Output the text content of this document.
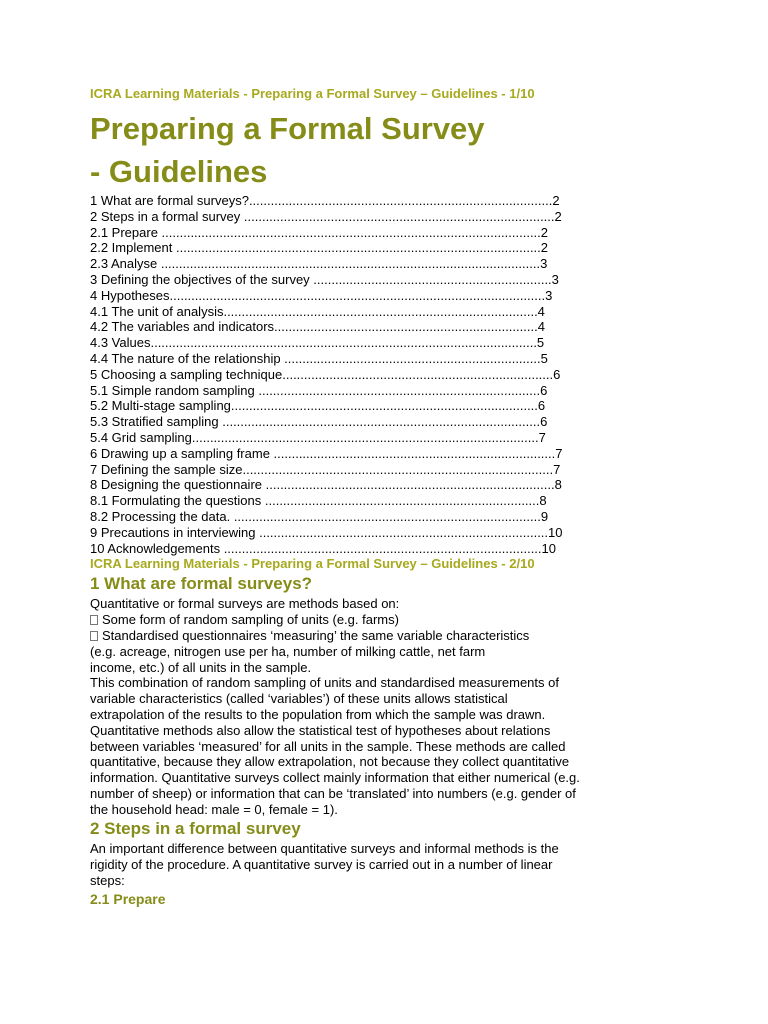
ICRA Learning Materials - Preparing a Formal Survey – Guidelines - 1/10
Preparing a Formal Survey
- Guidelines
1 What are formal surveys?....................................................................................2
2 Steps in a formal survey ......................................................................................2
2.1 Prepare .........................................................................................................2
2.2 Implement .....................................................................................................2
2.3 Analyse .........................................................................................................3
3 Defining the objectives of the survey ..................................................................3
4 Hypotheses........................................................................................................3
4.1 The unit of analysis.......................................................................................4
4.2 The variables and indicators.........................................................................4
4.3 Values...........................................................................................................5
4.4 The nature of the relationship .......................................................................5
5 Choosing a sampling technique...........................................................................6
5.1 Simple random sampling ..............................................................................6
5.2 Multi-stage sampling.....................................................................................6
5.3 Stratified sampling ........................................................................................6
5.4 Grid sampling................................................................................................7
6 Drawing up a sampling frame ..............................................................................7
7 Defining the sample size......................................................................................7
8 Designing the questionnaire ................................................................................8
8.1 Formulating the questions ............................................................................8
8.2 Processing the data. .....................................................................................9
9 Precautions in interviewing ................................................................................10
10 Acknowledgements ........................................................................................10
ICRA Learning Materials - Preparing a Formal Survey – Guidelines - 2/10
1 What are formal surveys?
Quantitative or formal surveys are methods based on:
Some form of random sampling of units (e.g. farms)
Standardised questionnaires ‘measuring’ the same variable characteristics
(e.g. acreage, nitrogen use per ha, number of milking cattle, net farm
income, etc.) of all units in the sample.
This combination of random sampling of units and standardised measurements of
variable characteristics (called ‘variables’) of these units allows statistical
extrapolation of the results to the population from which the sample was drawn.
Quantitative methods also allow the statistical test of hypotheses about relations
between variables ‘measured’ for all units in the sample. These methods are called
quantitative, because they allow extrapolation, not because they collect quantitative
information. Quantitative surveys collect mainly information that either numerical (e.g.
number of sheep) or information that can be ‘translated’ into numbers (e.g. gender of
the household head: male = 0, female = 1).
2 Steps in a formal survey
An important difference between quantitative surveys and informal methods is the
rigidity of the procedure. A quantitative survey is carried out in a number of linear
steps:
2.1 Prepare
